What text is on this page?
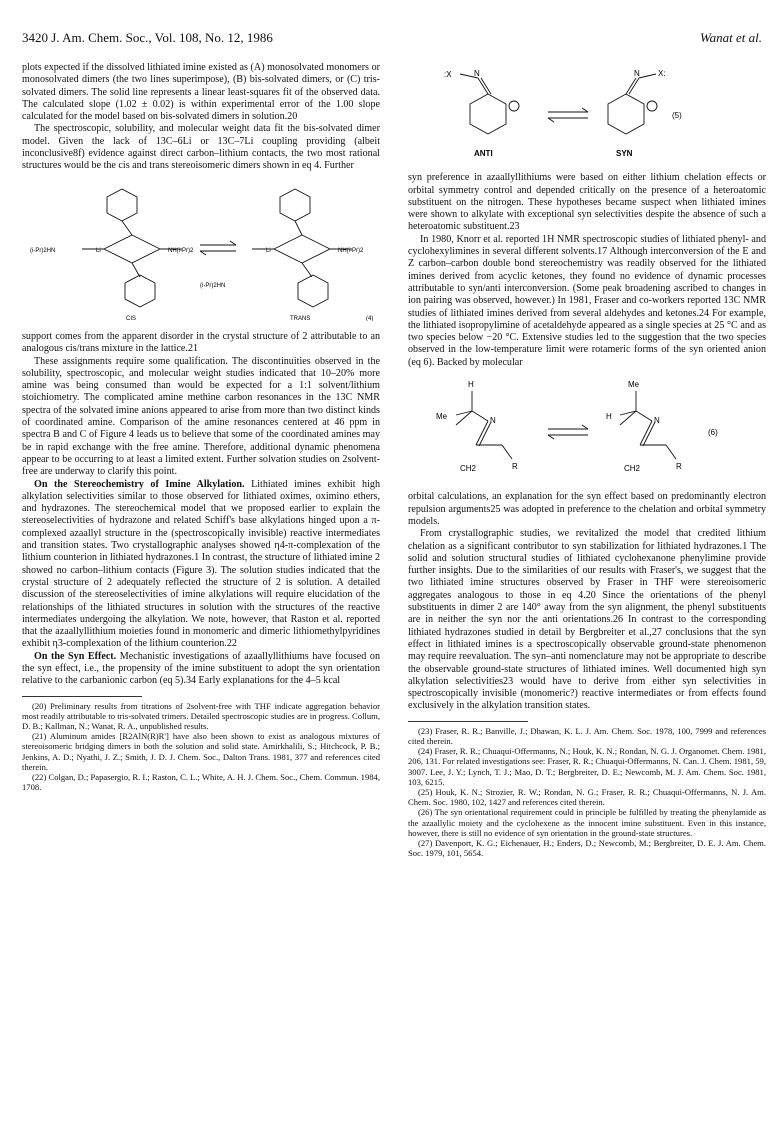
3420 J. Am. Chem. Soc., Vol. 108, No. 12, 1986	Wanat et al.

plots expected if the dissolved lithiated imine existed as (A) monosolvated monomers or monosolvated dimers (the two lines superimpose), (B) bis-solvated dimers, or (C) tris-solvated dimers. The solid line represents a linear least-squares fit of the observed data. The calculated slope (1.02 ± 0.02) is within experimental error of the 1.00 slope calculated for the model based on bis-solvated dimers in solution.20

The spectroscopic, solubility, and molecular weight data fit the bis-solvated dimer model. Given the lack of 13C–6Li or 13C–7Li coupling providing (albeit inconclusive8f) evidence against direct carbon–lithium contacts, the two most rational structures would be the cis and trans stereoisomeric dimers shown in eq 4. Further

(i-Pr)2HN	NH(i-Pr)2
Li
(i-Pr)2HN
NH(i-Pr)2
Li
CIS	TRANS	(4)

support comes from the apparent disorder in the crystal structure of 2 attributable to an analogous cis/trans mixture in the lattice.21

These assignments require some qualification. The discontinuities observed in the solubility, spectroscopic, and molecular weight studies indicated that 10–20% more amine was being consumed than would be expected for a 1:1 solvent/lithium stoichiometry. The complicated amine methine carbon resonances in the 13C NMR spectra of the solvated imine anions appeared to arise from more than two distinct kinds of coordinated amine. Comparison of the amine resonances centered at 46 ppm in spectra B and C of Figure 4 leads us to believe that some of the coordinated amines may be in rapid exchange with the free amine. Therefore, additional dynamic phenomena appear to be occurring to at least a limited extent. Further solvation studies on 2solvent-free are underway to clarify this point.

On the Stereochemistry of Imine Alkylation. Lithiated imines exhibit high alkylation selectivities similar to those observed for lithiated oximes, oximino ethers, and hydrazones. The stereochemical model that we proposed earlier to explain the stereoselectivities of hydrazone and related Schiff's base alkylations hinged upon a π-complexed azaallyl structure in the (spectroscopically invisible) reactive intermediates and transition states. Two crystallographic analyses showed η4-π-complexation of the lithium counterion in lithiated hydrazones.1 In contrast, the structure of lithiated imine 2 showed no carbon–lithium contacts (Figure 3). The solution studies indicated that the crystal structure of 2 adequately reflected the structure of 2 is solution. A detailed discussion of the stereoselectivities of imine alkylations will require elucidation of the relationships of the lithiated structures in solution with the structures of the reactive intermediates undergoing the alkylation. We note, however, that Raston et al. reported that the azaallyllithium moieties found in monomeric and dimeric lithiomethylpyridines exhibit η3-complexation of the lithium counterion.22

On the Syn Effect. Mechanistic investigations of azaallyllithiums have focused on the syn effect, i.e., the propensity of the imine substituent to adopt the syn orientation relative to the carbanionic carbon (eq 5).34 Early explanations for the 4–5 kcal

(20) Preliminary results from titrations of 2solvent-free with THF indicate aggregation behavior most readily attributable to tris-solvated trimers. Detailed spectroscopic studies are in progress. Collum, D. B.; Kallman, N.; Wanat, R. A., unpublished results.

(21) Aluminum amides [R2AlN(R)R'] have also been shown to exist as analogous mixtures of stereoisomeric bridging dimers in both the solution and solid state. Amirkhalili, S.; Hitchcock, P. B.; Jenkins, A. D.; Nyathi, J. Z.; Smith, J. D. J. Chem. Soc., Dalton Trans. 1981, 377 and references cited therein.

(22) Colgan, D.; Papasergio, R. I.; Raston, C. L.; White, A. H. J. Chem. Soc., Chem. Commun. 1984, 1708.

:X	N	N X:
ANTI	SYN
(5)

syn preference in azaallyllithiums were based on either lithium chelation effects or orbital symmetry control and depended critically on the presence of a heteroatomic substituent on the nitrogen. These hypotheses became suspect when lithiated imines were shown to alkylate with exceptional syn selectivities despite the absence of such a heteroatomic substituent.23

In 1980, Knorr et al. reported 1H NMR spectroscopic studies of lithiated phenyl- and cyclohexylimines in several different solvents.17 Although interconversion of the E and Z carbon–carbon double bond stereochemistry was readily observed for the lithiated imines derived from acyclic ketones, they found no evidence of dynamic processes attributable to syn/anti interconversion. (Some peak broadening ascribed to changes in ion pairing was observed, however.) In 1981, Fraser and co-workers reported 13C NMR studies of lithiated imines derived from several aldehydes and ketones.24 For example, the lithiated isopropylimine of acetaldehyde appeared as a single species at 25 °C and as two species below −20 °C. Extensive studies led to the suggestion that the two species observed in the low-temperature limit were rotameric forms of the syn oriented anion (eq 6). Backed by molecular

H
Me	N
CH2	R
Me
H	N
CH2	R
(6)

orbital calculations, an explanation for the syn effect based on predominantly electron repulsion arguments25 was adopted in preference to the chelation and orbital symmetry models.

From crystallographic studies, we revitalized the model that credited lithium chelation as a significant contributor to syn stabilization for lithiated hydrazones.1 The solid and solution structural studies of lithiated cyclohexanone phenylimine provide further insights. Due to the similarities of our results with Fraser's, we suggest that the two lithiated imine structures observed by Fraser in THF were stereoisomeric aggregates analogous to those in eq 4.20 Since the orientations of the phenyl substituents in dimer 2 are 140° away from the syn alignment, the phenyl substituents are in neither the syn nor the anti orientations.26 In contrast to the corresponding lithiated hydrazones studied in detail by Bergbreiter et al.,27 conclusions that the syn effect in lithiated imines is a spectroscopically observable ground-state phenomenon may require reevaluation. The syn–anti nomenclature may not be appropriate to describe the observable ground-state structures of lithiated imines. Well documented high syn alkylation selectivities23 would have to derive from either syn selectivities in spectroscopically invisible (monomeric?) reactive intermediates or from effects found exclusively in the alkylation transition states.

(23) Fraser, R. R.; Banville, J.; Dhawan, K. L. J. Am. Chem. Soc. 1978, 100, 7999 and references cited therein.

(24) Fraser, R. R.; Chuaqui-Offermanns, N.; Houk, K. N.; Rondan, N. G. J. Organomet. Chem. 1981, 206, 131. For related investigations see: Fraser, R. R.; Chuaqui-Offermanns, N. Can. J. Chem. 1981, 59, 3007. Lee, J. Y.; Lynch, T. J.; Mao, D. T.; Bergbreiter, D. E.; Newcomb, M. J. Am. Chem. Soc. 1981, 103, 6215.

(25) Houk, K. N.; Strozier, R. W.; Rondan, N. G.; Fraser, R. R.; Chuaqui-Offermanns, N. J. Am. Chem. Soc. 1980, 102, 1427 and references cited therein.

(26) The syn orientational requirement could in principle be fulfilled by treating the phenylamide as the azaallylic moiety and the cyclohexene as the innocent imine substituent. Even in this instance, however, there is still no evidence of syn orientation in the ground-state structures.

(27) Davenport, K. G.; Eichenauer, H.; Enders, D.; Newcomb, M.; Bergbreiter, D. E. J. Am. Chem. Soc. 1979, 101, 5654.
